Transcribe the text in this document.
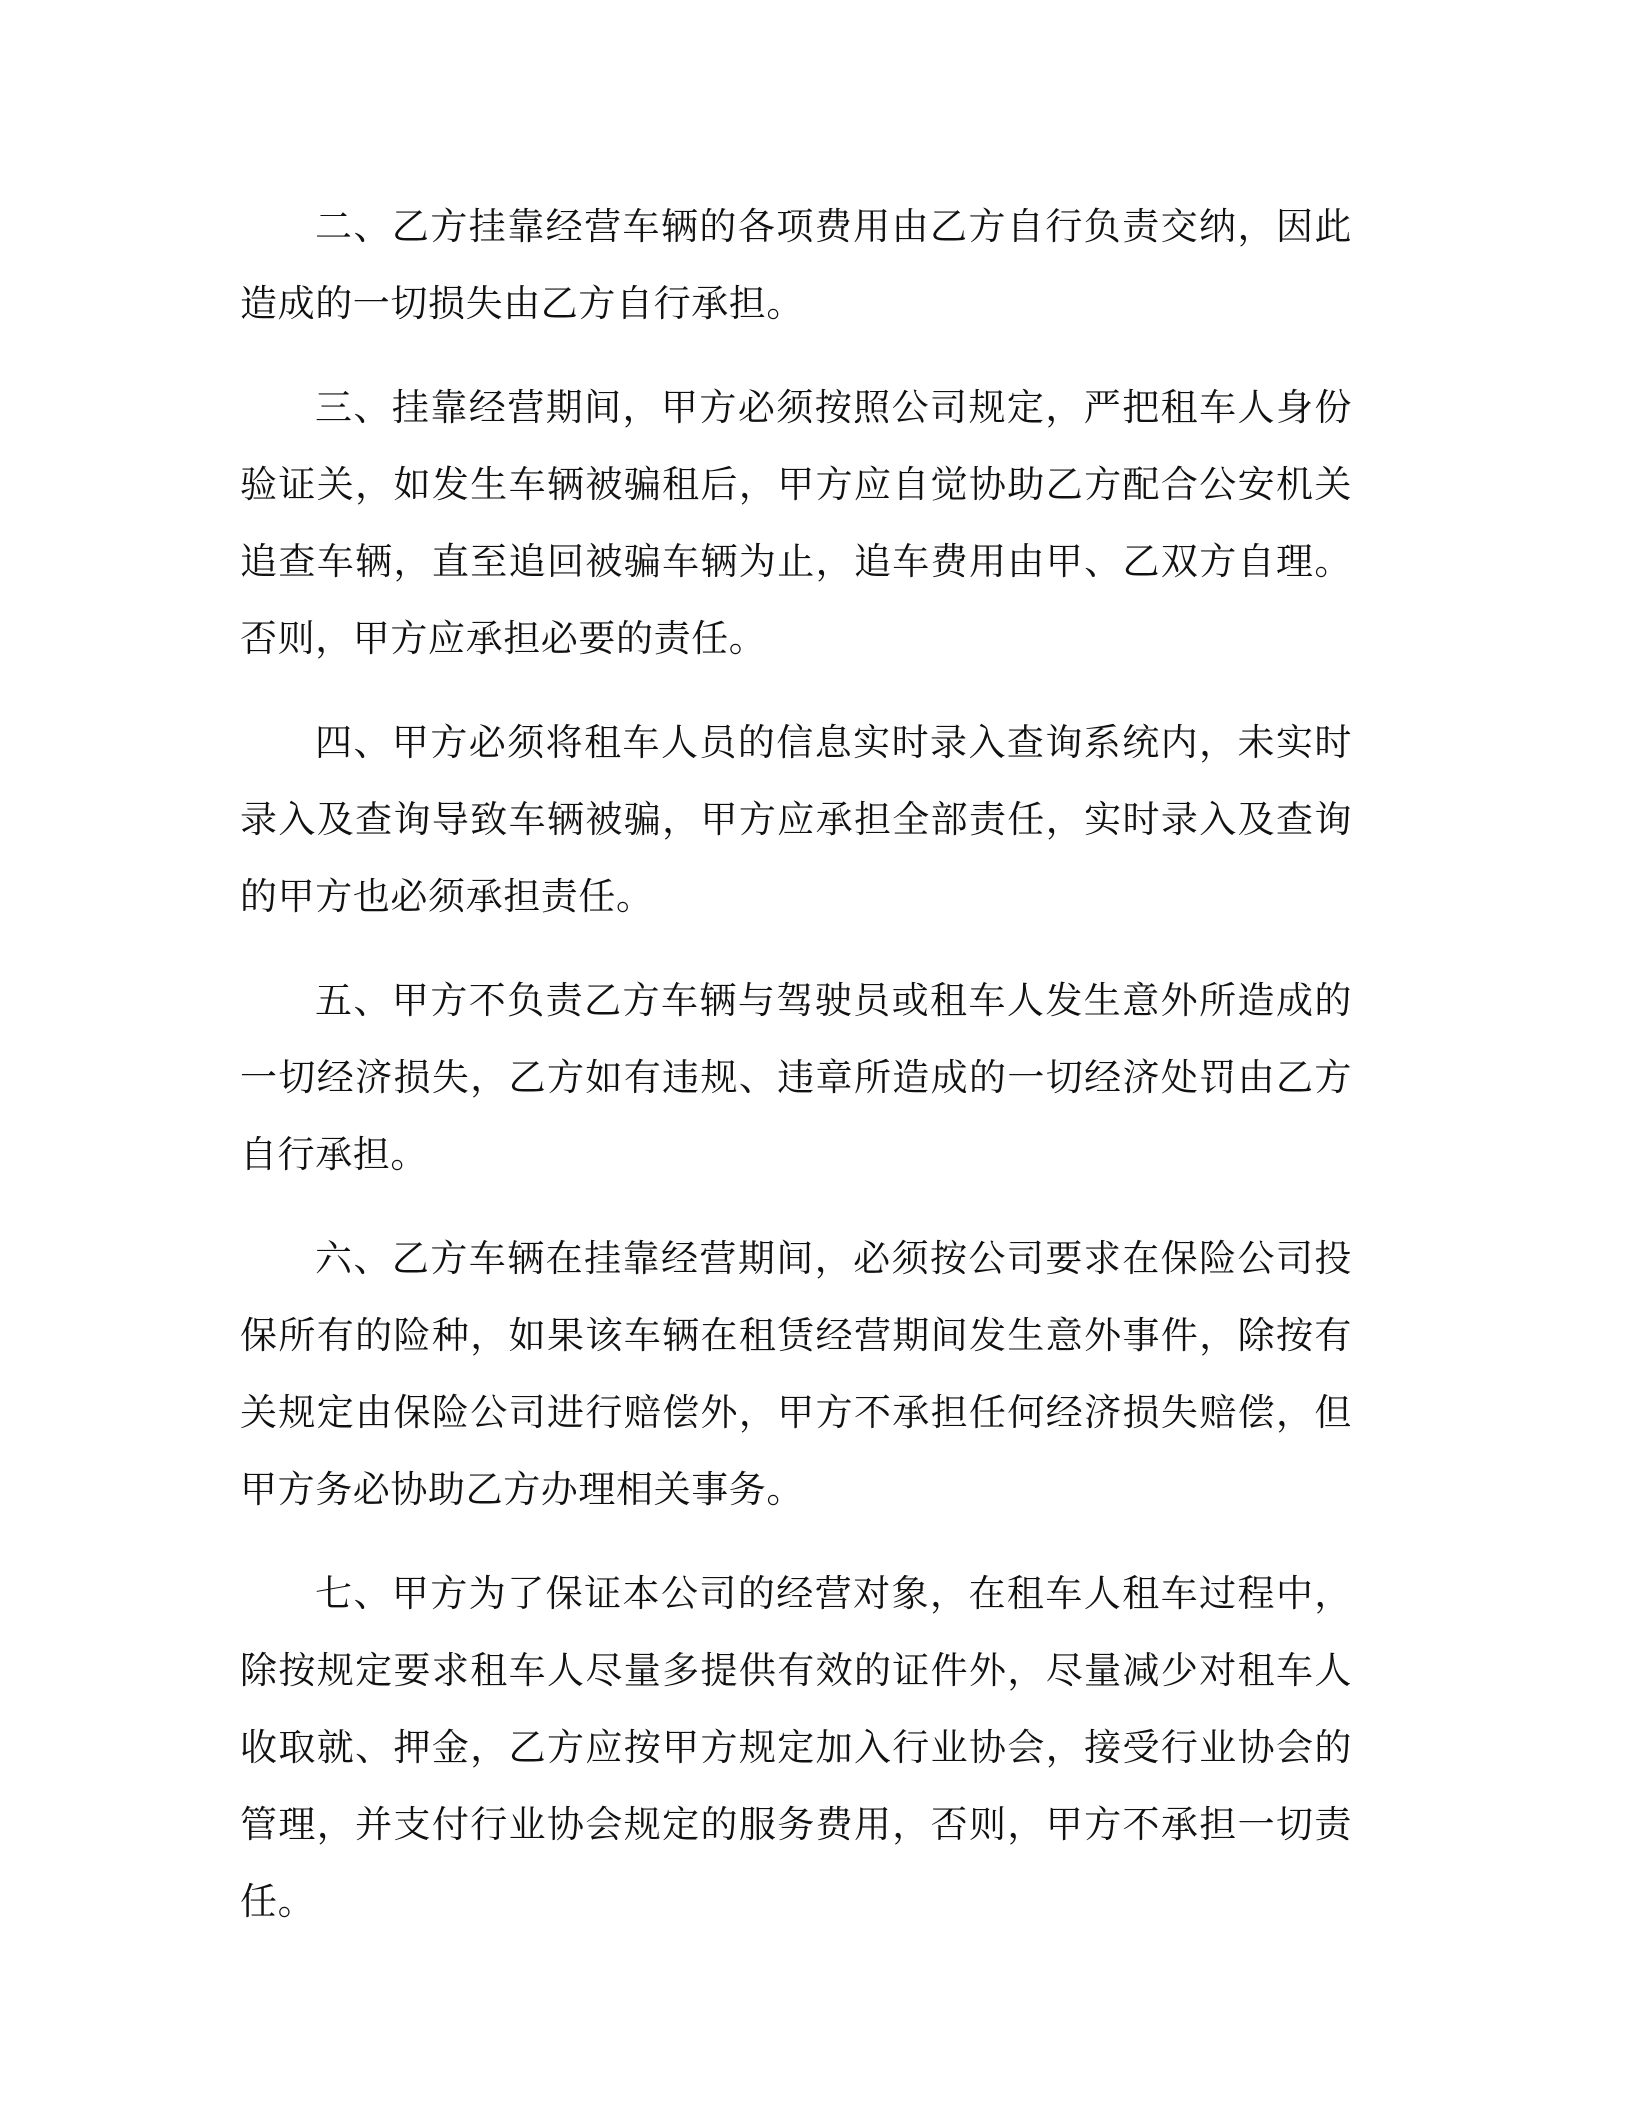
二、乙方挂靠经营车辆的各项费用由乙方自行负责交纳，因此造成的一切损失由乙方自行承担。

三、挂靠经营期间，甲方必须按照公司规定，严把租车人身份验证关，如发生车辆被骗租后，甲方应自觉协助乙方配合公安机关追查车辆，直至追回被骗车辆为止，追车费用由甲、乙双方自理。否则，甲方应承担必要的责任。

四、甲方必须将租车人员的信息实时录入查询系统内，未实时录入及查询导致车辆被骗，甲方应承担全部责任，实时录入及查询的甲方也必须承担责任。

五、甲方不负责乙方车辆与驾驶员或租车人发生意外所造成的一切经济损失，乙方如有违规、违章所造成的一切经济处罚由乙方自行承担。

六、乙方车辆在挂靠经营期间，必须按公司要求在保险公司投保所有的险种，如果该车辆在租赁经营期间发生意外事件，除按有关规定由保险公司进行赔偿外，甲方不承担任何经济损失赔偿，但甲方务必协助乙方办理相关事务。

七、甲方为了保证本公司的经营对象，在租车人租车过程中，除按规定要求租车人尽量多提供有效的证件外，尽量减少对租车人收取就、押金，乙方应按甲方规定加入行业协会，接受行业协会的管理，并支付行业协会规定的服务费用，否则，甲方不承担一切责任。
